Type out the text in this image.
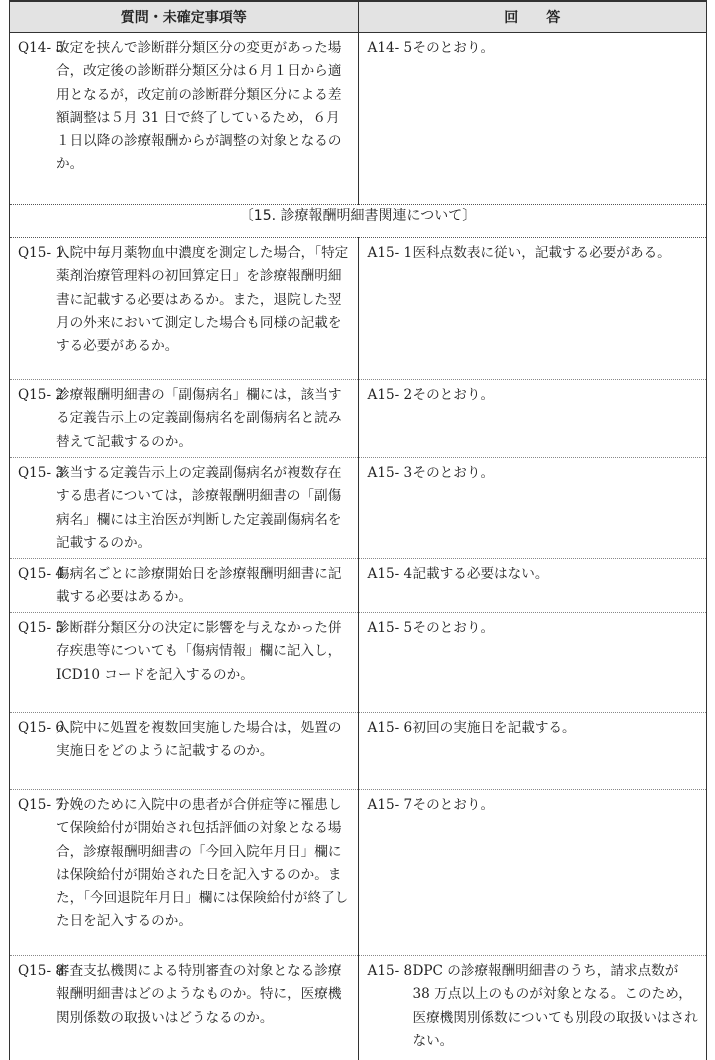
質問・未確定事項等	回　　答

Q14- 5
改定を挟んで診断群分類区分の変更があった場合，改定後の診断群分類区分は６月１日から適用となるが，改定前の診断群分類区分による差額調整は５月 31 日で終了しているため，６月１日以降の診療報酬からが調整の対象となるのか。	A14- 5 そのとおり。

〔15. 診療報酬明細書関連について〕	

Q15- 1
入院中毎月薬物血中濃度を測定した場合，「特定薬剤治療管理料の初回算定日」を診療報酬明細書に記載する必要はあるか。また，退院した翌月の外来において測定した場合も同様の記載をする必要があるか。	A15- 1 医科点数表に従い，記載する必要がある。

Q15- 2
診療報酬明細書の「副傷病名」欄には，該当する定義告示上の定義副傷病名を副傷病名と読み替えて記載するのか。	A15- 2 そのとおり。

Q15- 3
該当する定義告示上の定義副傷病名が複数存在する患者については，診療報酬明細書の「副傷病名」欄には主治医が判断した定義副傷病名を記載するのか。	A15- 3 そのとおり。

Q15- 4
傷病名ごとに診療開始日を診療報酬明細書に記載する必要はあるか。	A15- 4 記載する必要はない。

Q15- 5
診断群分類区分の決定に影響を与えなかった併存疾患等についても「傷病情報」欄に記入し，ICD10 コードを記入するのか。	A15- 5 そのとおり。

Q15- 6
入院中に処置を複数回実施した場合は，処置の実施日をどのように記載するのか。	A15- 6 初回の実施日を記載する。

Q15- 7
分娩のために入院中の患者が合併症等に罹患して保険給付が開始され包括評価の対象となる場合，診療報酬明細書の「今回入院年月日」欄には保険給付が開始された日を記入するのか。また，「今回退院年月日」欄には保険給付が終了した日を記入するのか。	A15- 7 そのとおり。

Q15- 8
審査支払機関による特別審査の対象となる診療報酬明細書はどのようなものか。特に，医療機関別係数の取扱いはどうなるのか。	A15- 8 DPC の診療報酬明細書のうち，請求点数が 38 万点以上のものが対象となる。このため，医療機関別係数についても別段の取扱いはされない。
